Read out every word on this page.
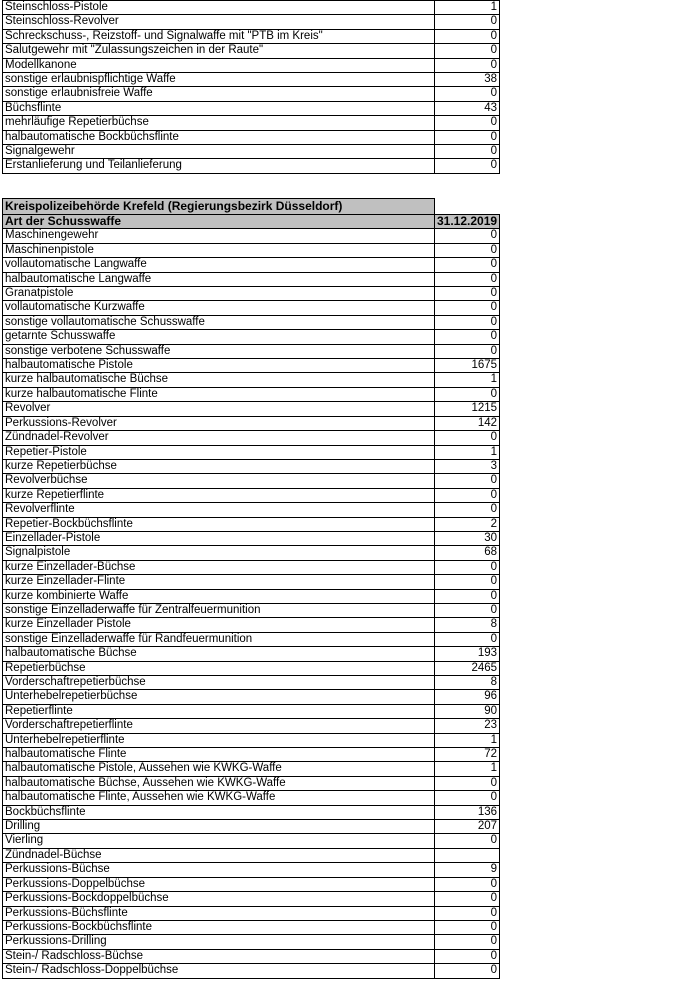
Steinschloss-Pistole	1
Steinschloss-Revolver	0
Schreckschuss-, Reizstoff- und Signalwaffe mit "PTB im Kreis"	0
Salutgewehr mit "Zulassungszeichen in der Raute"	0
Modellkanone	0
sonstige erlaubnispflichtige Waffe	38
sonstige erlaubnisfreie Waffe	0
Büchsflinte	43
mehrläufige Repetierbüchse	0
halbautomatische Bockbüchsflinte	0
Signalgewehr	0
Erstanlieferung und Teilanlieferung	0
Kreispolizeibehörde Krefeld (Regierungsbezirk Düsseldorf)	
Art der Schusswaffe	31.12.2019
Maschinengewehr	0
Maschinenpistole	0
vollautomatische Langwaffe	0
halbautomatische Langwaffe	0
Granatpistole	0
vollautomatische Kurzwaffe	0
sonstige vollautomatische Schusswaffe	0
getarnte Schusswaffe	0
sonstige verbotene Schusswaffe	0
halbautomatische Pistole	1675
kurze halbautomatische Büchse	1
kurze halbautomatische Flinte	0
Revolver	1215
Perkussions-Revolver	142
Zündnadel-Revolver	0
Repetier-Pistole	1
kurze Repetierbüchse	3
Revolverbüchse	0
kurze Repetierflinte	0
Revolverflinte	0
Repetier-Bockbüchsflinte	2
Einzellader-Pistole	30
Signalpistole	68
kurze Einzellader-Büchse	0
kurze Einzellader-Flinte	0
kurze kombinierte Waffe	0
sonstige Einzelladerwaffe für Zentralfeuermunition	0
kurze Einzellader Pistole	8
sonstige Einzelladerwaffe für Randfeuermunition	0
halbautomatische Büchse	193
Repetierbüchse	2465
Vorderschaftrepetierbüchse	8
Unterhebelrepetierbüchse	96
Repetierflinte	90
Vorderschaftrepetierflinte	23
Unterhebelrepetierflinte	1
halbautomatische Flinte	72
halbautomatische Pistole, Aussehen wie KWKG-Waffe	1
halbautomatische Büchse, Aussehen wie KWKG-Waffe	0
halbautomatische Flinte, Aussehen wie KWKG-Waffe	0
Bockbüchsflinte	136
Drilling	207
Vierling	0
Zündnadel-Büchse	
Perkussions-Büchse	9
Perkussions-Doppelbüchse	0
Perkussions-Bockdoppelbüchse	0
Perkussions-Büchsflinte	0
Perkussions-Bockbüchsflinte	0
Perkussions-Drilling	0
Stein-/ Radschloss-Büchse	0
Stein-/ Radschloss-Doppelbüchse	0
